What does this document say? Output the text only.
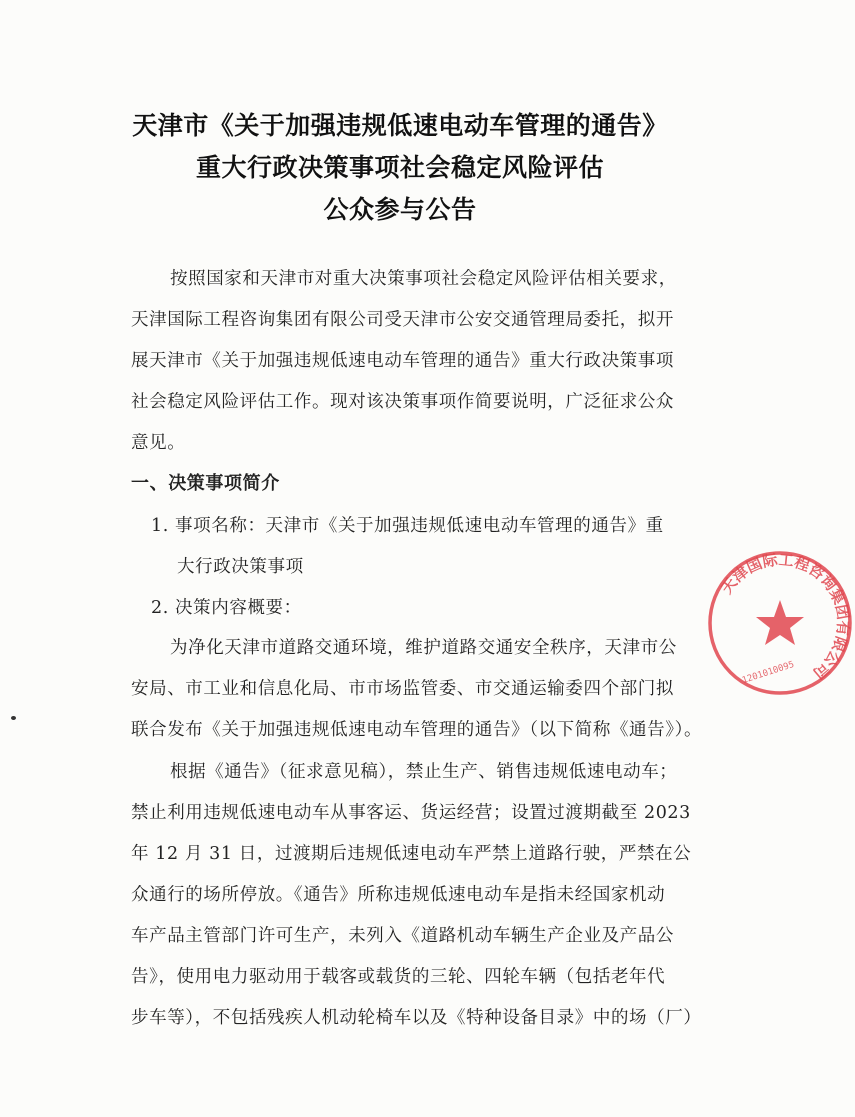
天津市《关于加强违规低速电动车管理的通告》
重大行政决策事项社会稳定风险评估
公众参与公告
按照国家和天津市对重大决策事项社会稳定风险评估相关要求，
天津国际工程咨询集团有限公司受天津市公安交通管理局委托，拟开
展天津市《关于加强违规低速电动车管理的通告》重大行政决策事项
社会稳定风险评估工作。现对该决策事项作简要说明，广泛征求公众
意见。
一、决策事项简介
1. 事项名称：天津市《关于加强违规低速电动车管理的通告》重
大行政决策事项
2. 决策内容概要：
为净化天津市道路交通环境，维护道路交通安全秩序，天津市公
安局、市工业和信息化局、市市场监管委、市交通运输委四个部门拟
联合发布《关于加强违规低速电动车管理的通告》（以下简称《通告》）。
根据《通告》（征求意见稿），禁止生产、销售违规低速电动车；
禁止利用违规低速电动车从事客运、货运经营；设置过渡期截至 2023
年 12 月 31 日，过渡期后违规低速电动车严禁上道路行驶，严禁在公
众通行的场所停放。《通告》所称违规低速电动车是指未经国家机动
车产品主管部门许可生产，未列入《道路机动车辆生产企业及产品公
告》，使用电力驱动用于载客或载货的三轮、四轮车辆（包括老年代
步车等），不包括残疾人机动轮椅车以及《特种设备目录》中的场（厂）
天津国际工程咨询集团有限公司
1201010095
